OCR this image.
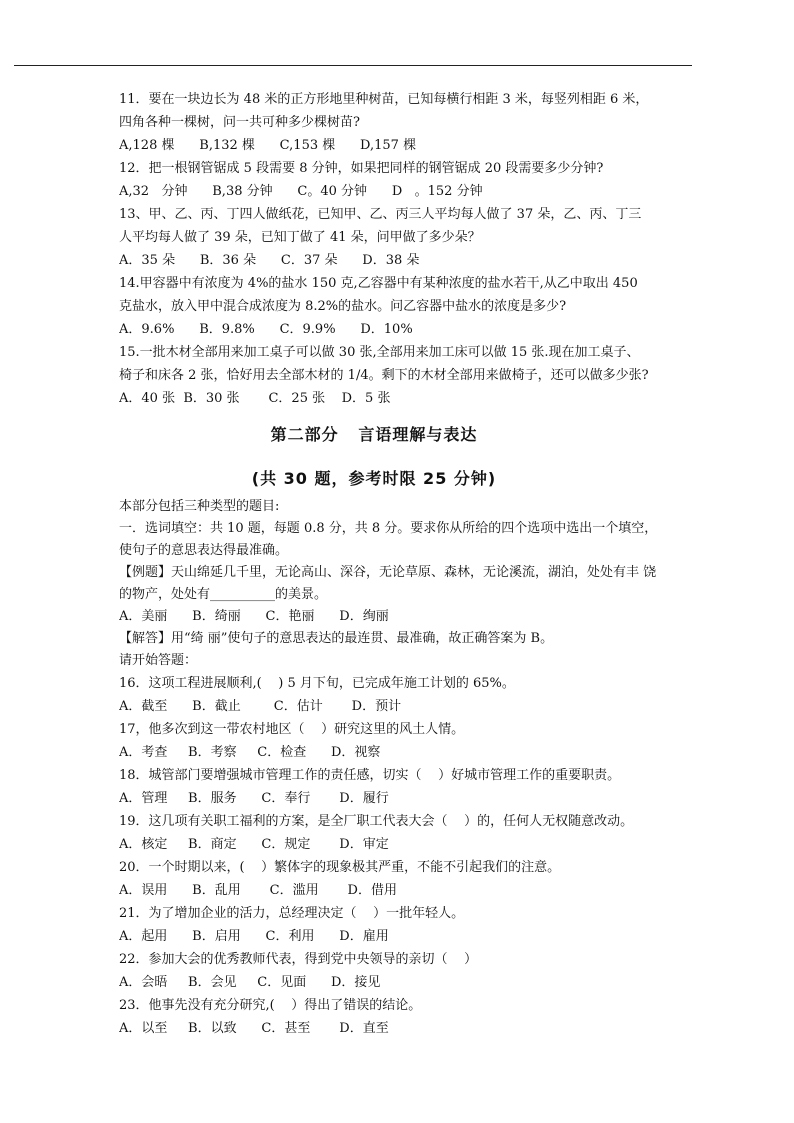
11．要在一块边长为 48 米的正方形地里种树苗，已知每横行相距 3 米，每竖列相距 6 米，
四角各种一棵树，问一共可种多少棵树苗?
A,128 棵      B,132 棵      C,153 棵      D,157 棵
12．把一根钢管锯成 5 段需要 8 分钟，如果把同样的钢管锯成 20 段需要多少分钟?
A,32   分钟      B,38 分钟      C。40 分钟      D   。152 分钟
13、甲、乙、丙、丁四人做纸花，已知甲、乙、丙三人平均每人做了 37 朵，乙、丙、丁三
人平均每人做了 39 朵，已知丁做了 41 朵，问甲做了多少朵？
A．35 朵      B．36 朵      C．37 朵      D．38 朵
14.甲容器中有浓度为 4%的盐水 150 克,乙容器中有某种浓度的盐水若干,从乙中取出 450
克盐水，放入甲中混合成浓度为 8.2%的盐水。问乙容器中盐水的浓度是多少?
A．9.6%      B．9.8%      C．9.9%      D．10%
15.一批木材全部用来加工桌子可以做 30 张,全部用来加工床可以做 15 张.现在加工桌子、
椅子和床各 2 张，恰好用去全部木材的 1/4。剩下的木材全部用来做椅子，还可以做多少张?
A．40 张  B．30 张       C．25 张    D．5 张
第二部分   言语理解与表达
(共 30 题，参考时限 25 分钟)
本部分包括三种类型的题目:
一．选词填空：共 10 题，每题 0.8 分，共 8 分。要求你从所给的四个选项中选出一个填空，
使句子的意思表达得最准确。
【例题】天山绵延几千里，无论高山、深谷，无论草原、森林，无论溪流，湖泊，处处有丰 饶
的物产，处处有__________的美景。
A．美丽      B．绮丽      C．艳丽      D．绚丽
【解答】用“绮 丽”使句子的意思表达的最连贯、最准确，故正确答案为 B。
请开始答题：
16．这项工程进展顺利,(    ) 5 月下旬，已完成年施工计划的 65%。
A．截至      B．截止        C．估计       D．预计
17，他多次到这一带农村地区（    ）研究这里的风土人情。
A．考查     B．考察     C．检查      D．视察
18．城管部门要增强城市管理工作的责任感，切实（    ）好城市管理工作的重要职责。
A．管理     B．服务      C．奉行       D．履行
19．这几项有关职工福利的方案，是全厂职工代表大会（    ）的，任何人无权随意改动。
A．核定     B．商定      C．规定       D．审定
20．一个时期以来，(    ）繁体字的现象极其严重，不能不引起我们的注意。
A．误用      B．乱用       C．滥用       D．借用
21．为了增加企业的活力，总经理决定（    ）一批年轻人。
A．起用      B．启用      C．利用      D．雇用
22．参加大会的优秀教师代表，得到党中央领导的亲切（    ）
A．会晤     B．会见     C．见面      D．接见
23．他事先没有充分研究,(    ）得出了错误的结论。
A．以至     B．以致      C．甚至       D．直至
